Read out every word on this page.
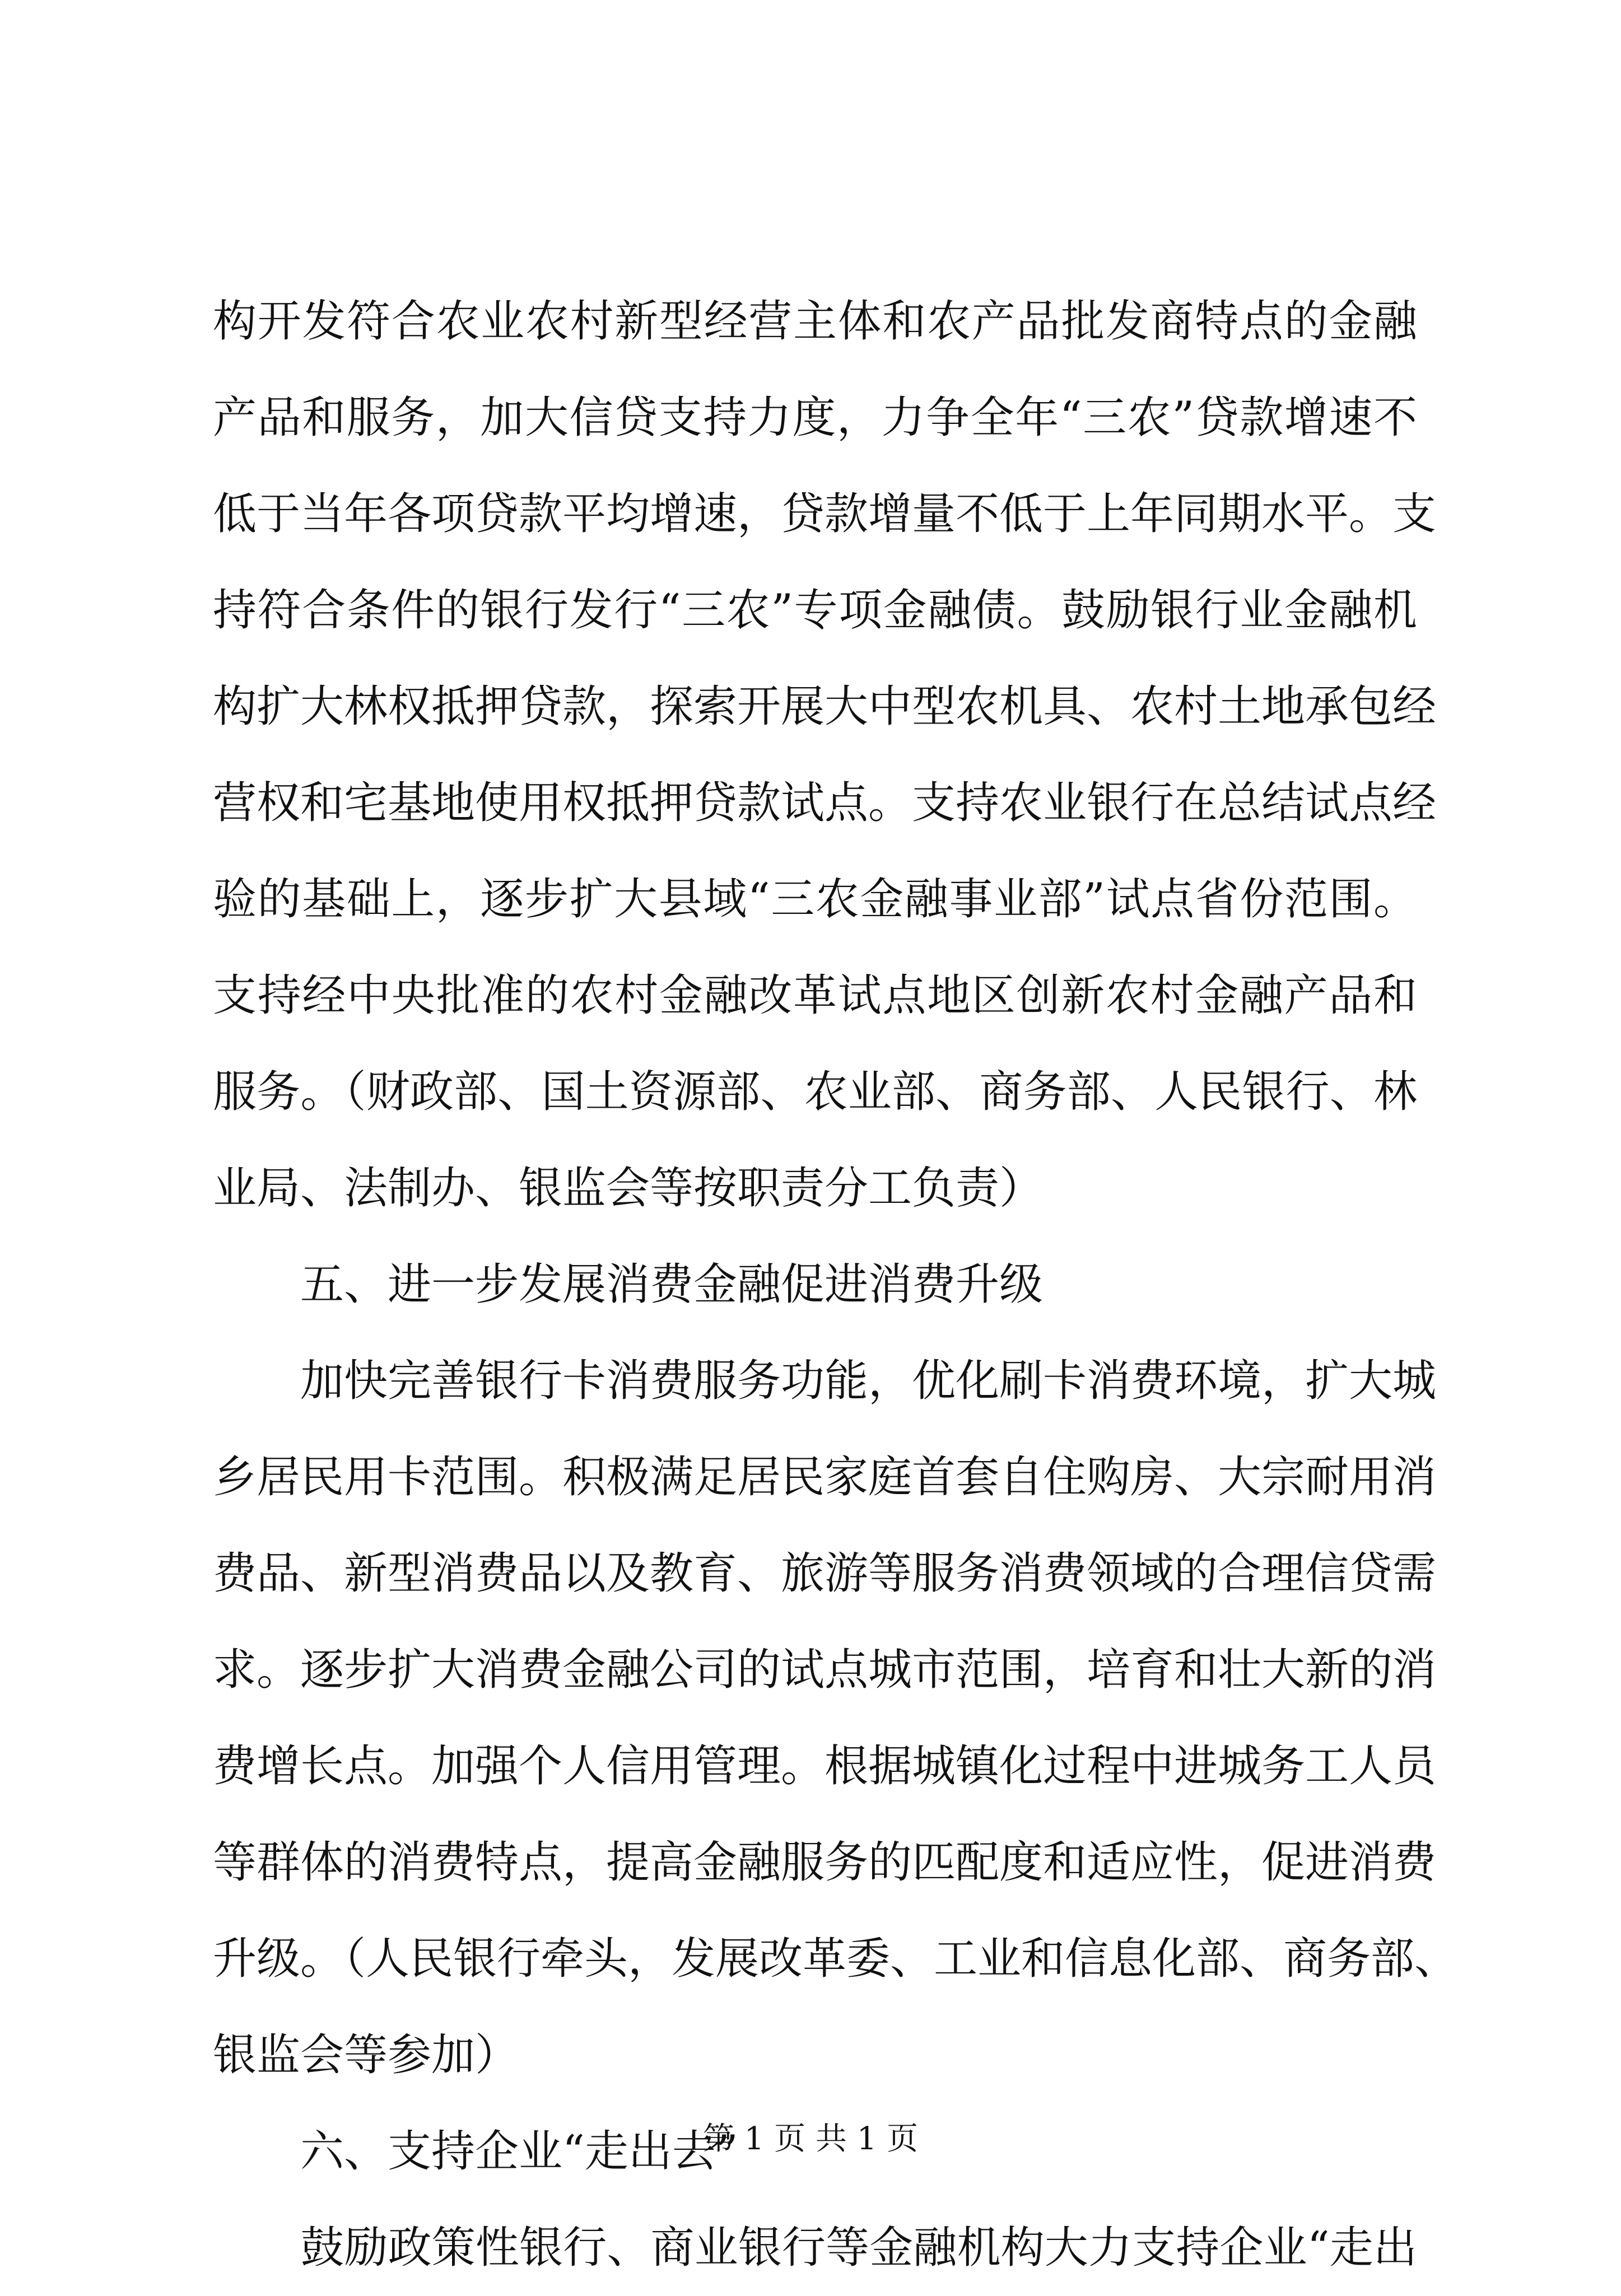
构开发符合农业农村新型经营主体和农产品批发商特点的金融
产品和服务，加大信贷支持力度，力争全年“三农”贷款增速不
低于当年各项贷款平均增速，贷款增量不低于上年同期水平。支
持符合条件的银行发行“三农”专项金融债。鼓励银行业金融机
构扩大林权抵押贷款，探索开展大中型农机具、农村土地承包经
营权和宅基地使用权抵押贷款试点。支持农业银行在总结试点经
验的基础上，逐步扩大县域“三农金融事业部”试点省份范围。
支持经中央批准的农村金融改革试点地区创新农村金融产品和
服务。（财政部、国土资源部、农业部、商务部、人民银行、林
业局、法制办、银监会等按职责分工负责）
　　五、进一步发展消费金融促进消费升级
　　加快完善银行卡消费服务功能，优化刷卡消费环境，扩大城
乡居民用卡范围。积极满足居民家庭首套自住购房、大宗耐用消
费品、新型消费品以及教育、旅游等服务消费领域的合理信贷需
求。逐步扩大消费金融公司的试点城市范围，培育和壮大新的消
费增长点。加强个人信用管理。根据城镇化过程中进城务工人员
等群体的消费特点，提高金融服务的匹配度和适应性，促进消费
升级。（人民银行牵头，发展改革委、工业和信息化部、商务部、
银监会等参加）
　　六、支持企业“走出去”
　　鼓励政策性银行、商业银行等金融机构大力支持企业“走出
第 1 页 共 1 页
